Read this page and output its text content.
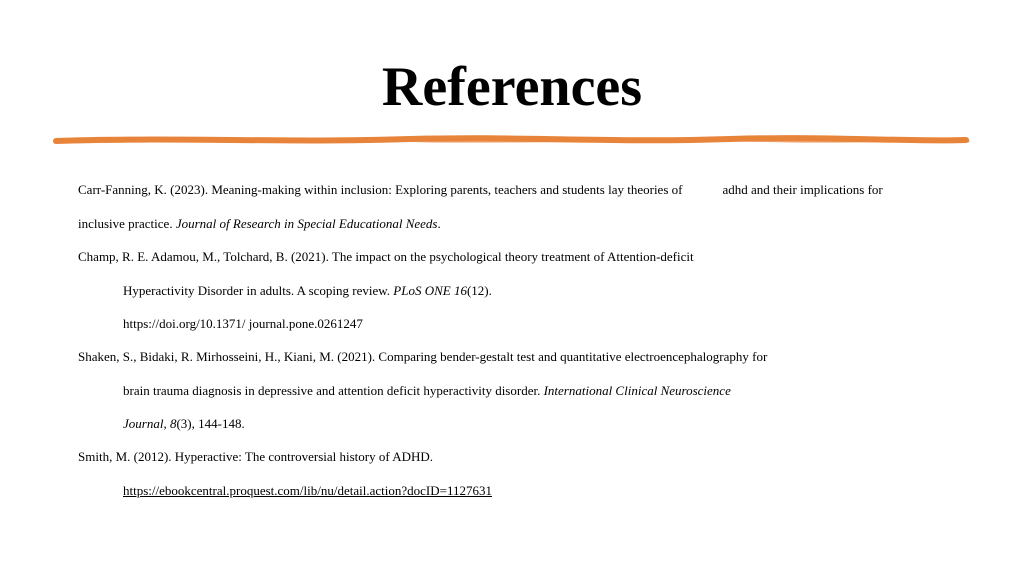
References
Carr-Fanning, K. (2023). Meaning-making within inclusion: Exploring parents, teachers and students lay theories of	adhd and their implications for
inclusive practice. Journal of Research in Special Educational Needs.
Champ, R. E. Adamou, M., Tolchard, B. (2021). The impact on the psychological theory treatment of Attention-deficit
Hyperactivity Disorder in adults. A scoping review. PLoS ONE 16(12).
https://doi.org/10.1371/ journal.pone.0261247
Shaken, S., Bidaki, R. Mirhosseini, H., Kiani, M. (2021). Comparing bender-gestalt test and quantitative electroencephalography for
brain trauma diagnosis in depressive and attention deficit hyperactivity disorder. International Clinical Neuroscience
Journal, 8(3), 144-148.
Smith, M. (2012). Hyperactive: The controversial history of ADHD.
https://ebookcentral.proquest.com/lib/nu/detail.action?docID=1127631
